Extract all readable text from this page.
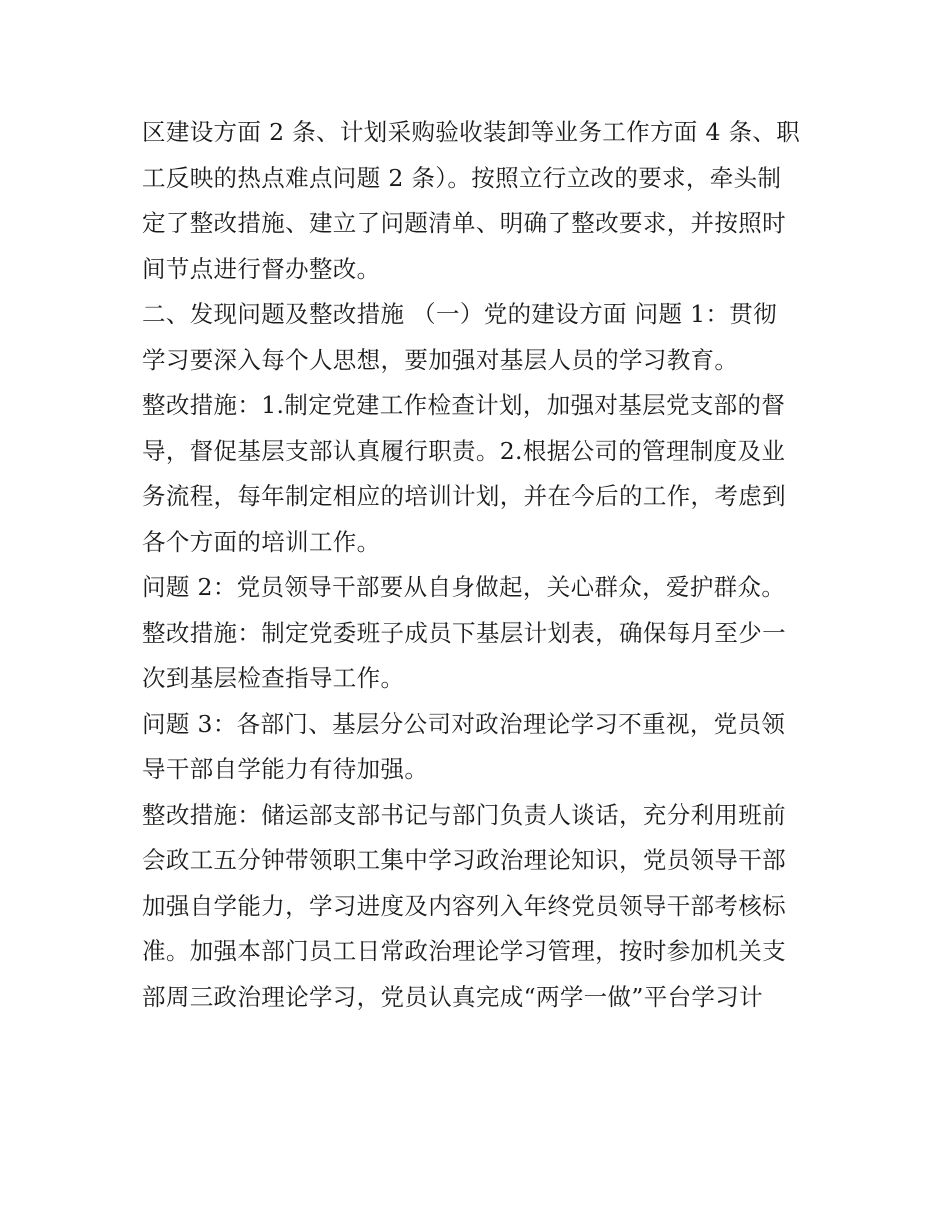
区建设方面 2 条、计划采购验收装卸等业务工作方面 4 条、职
工反映的热点难点问题 2 条）。按照立行立改的要求，牵头制
定了整改措施、建立了问题清单、明确了整改要求，并按照时
间节点进行督办整改。

二、发现问题及整改措施 （一）党的建设方面 问题 1：贯彻
学习要深入每个人思想，要加强对基层人员的学习教育。

整改措施：1.制定党建工作检查计划，加强对基层党支部的督
导，督促基层支部认真履行职责。2.根据公司的管理制度及业
务流程，每年制定相应的培训计划，并在今后的工作，考虑到
各个方面的培训工作。

问题 2：党员领导干部要从自身做起，关心群众，爱护群众。

整改措施：制定党委班子成员下基层计划表，确保每月至少一
次到基层检查指导工作。

问题 3：各部门、基层分公司对政治理论学习不重视，党员领
导干部自学能力有待加强。

整改措施：储运部支部书记与部门负责人谈话，充分利用班前
会政工五分钟带领职工集中学习政治理论知识，党员领导干部
加强自学能力，学习进度及内容列入年终党员领导干部考核标
准。加强本部门员工日常政治理论学习管理，按时参加机关支
部周三政治理论学习，党员认真完成“两学一做”平台学习计
